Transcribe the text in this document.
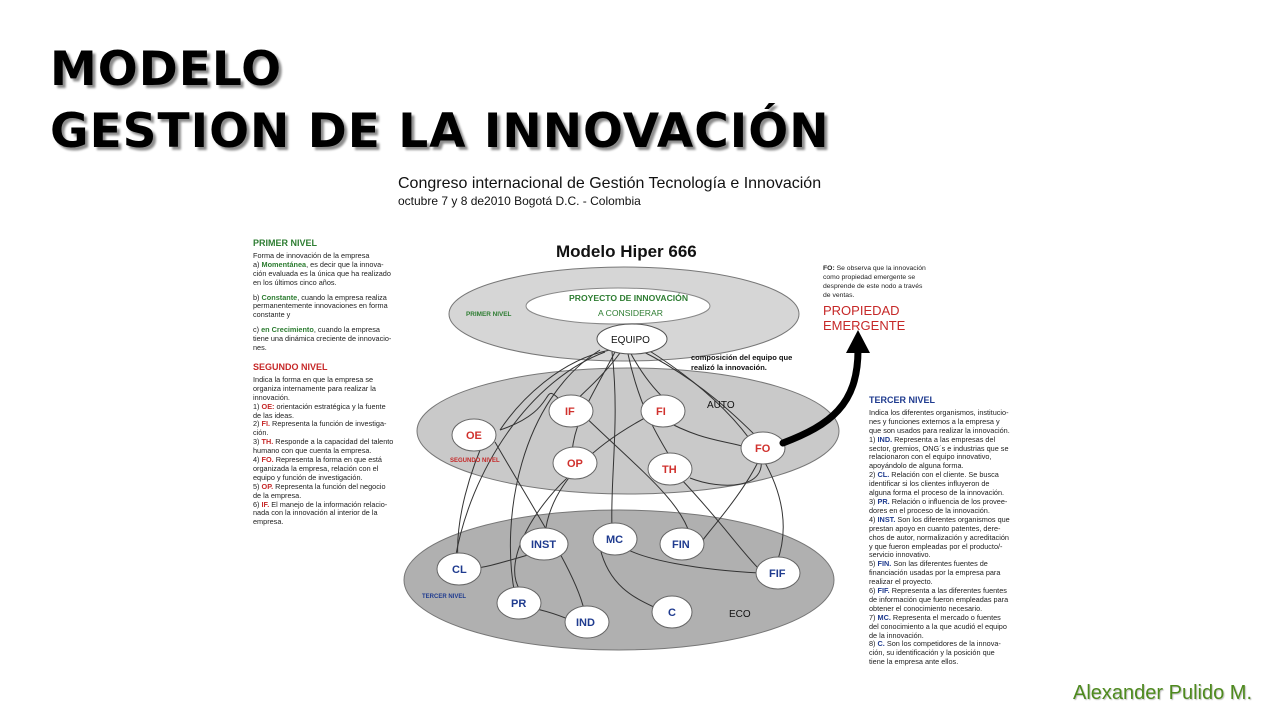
MODELO
GESTION DE LA INNOVACIÓN
Congreso internacional de Gestión Tecnología e Innovación
octubre 7 y 8 de2010 Bogotá D.C. - Colombia
PRIMER NIVEL

Forma de innovación de la empresa
a) Momentánea, es decir que la innova-
ción evaluada es la única que ha realizado
en los últimos cinco años.

b) Constante, cuando la empresa realiza
permanentemente innovaciones en forma
constante y

c) en Crecimiento, cuando la empresa
tiene una dinámica creciente de innovacio-
nes.

SEGUNDO NIVEL

Indica la forma en que la empresa se
organiza internamente para realizar la
innovación.
1) OE: orientación estratégica y la fuente
de las ideas.
2) FI. Representa la función de investiga-
ción.
3) TH. Responde a la capacidad del talento
humano con que cuenta la empresa.
4) FO. Representa la forma en que está
organizada la empresa, relación con el
equipo y función de investigación.
5) OP. Representa la función del negocio
de la empresa.
6) IF. El manejo de la información relacio-
nada con la innovación al interior de la
empresa.

TERCER NIVEL

Indica los diferentes organismos, institucio-
nes y funciones externos a la empresa y
que son usados para realizar la innovación.
1) IND. Representa a las empresas del
sector, gremios, ONG´s e industrias que se
relacionaron con el equipo innovativo,
apoyándolo de alguna forma.
2) CL. Relación con el cliente. Se busca
identificar si los clientes influyeron de
alguna forma el proceso de la innovación.
3) PR. Relación o influencia de los provee-
dores en el proceso de la innovación.
4) INST. Son los diferentes organismos que
prestan apoyo en cuanto patentes, dere-
chos de autor, normalización y acreditación
y que fueron empleadas por el producto/-
servicio innovativo.
5) FIN. Son las diferentes fuentes de
financiación usadas por la empresa para
realizar el proyecto.
6) FIF. Representa a las diferentes fuentes
de información que fueron empleadas para
obtener el conocimiento necesario.
7) MC. Representa el mercado o fuentes
del conocimiento a la que acudió el equipo
de la innovación.
8) C. Son los competidores de la innova-
ción, su identificación y la posición que
tiene la empresa ante ellos.

Modelo Hiper 666
PROYECTO DE INNOVACIÓN
A CONSIDERAR
PRIMER NIVEL
EQUIPO
composición del equipo que
realizó la innovación.
AUTO
SEGUNDO NIVEL
TERCER NIVEL
ECO
IF	FI
OE
FO
OP	TH
CL
INST	MC	FIN
FIF
PR
IND
C
FO: Se observa que la innovación
como propiedad emergente se
desprende de este nodo a través
de ventas.
PROPIEDAD
EMERGENTE
Alexander Pulido M.
